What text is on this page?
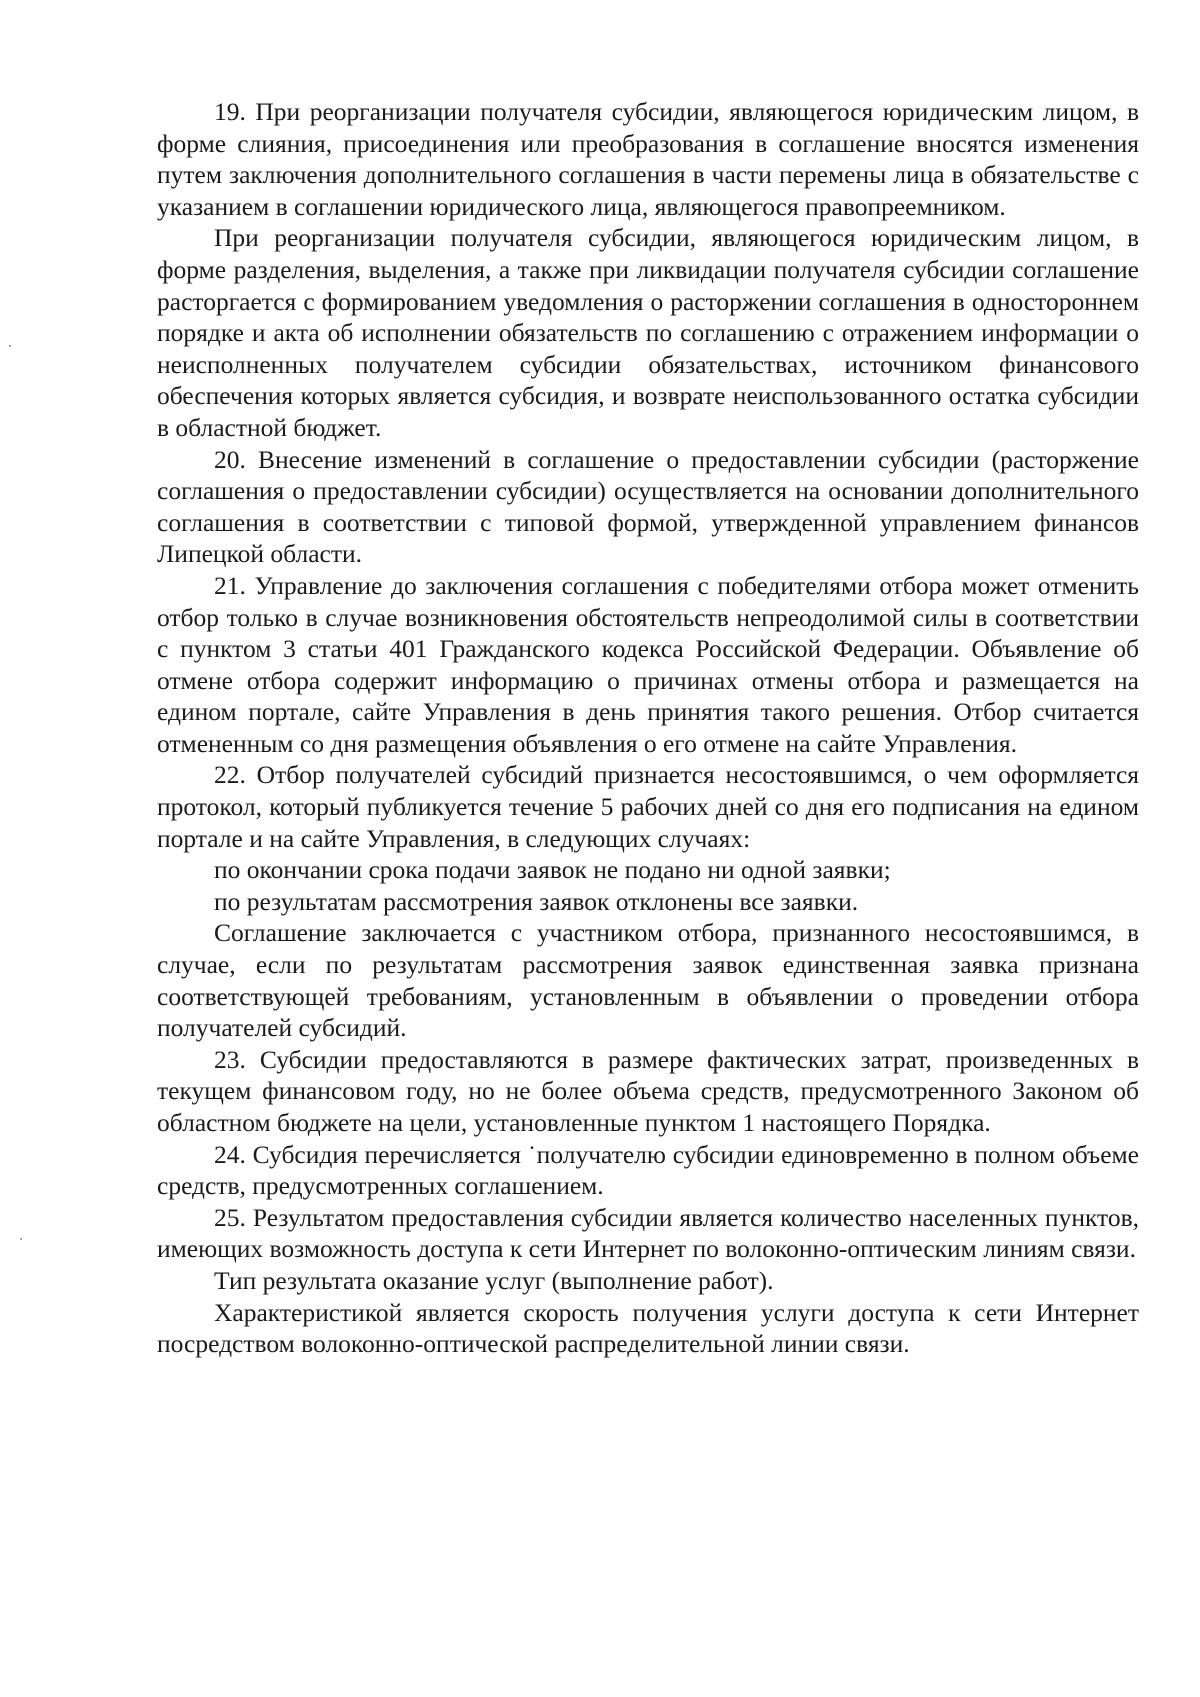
19. При реорганизации получателя субсидии, являющегося юридическим лицом, в форме слияния, присоединения или преобразования в соглашение вносятся изменения путем заключения дополнительного соглашения в части перемены лица в обязательстве с указанием в соглашении юридического лица, являющегося правопреемником.

При реорганизации получателя субсидии, являющегося юридическим лицом, в форме разделения, выделения, а также при ликвидации получателя субсидии соглашение расторгается с формированием уведомления о расторжении соглашения в одностороннем порядке и акта об исполнении обязательств по соглашению с отражением информации о неисполненных получателем субсидии обязательствах, источником финансового обеспечения которых является субсидия, и возврате неиспользованного остатка субсидии в областной бюджет.

20. Внесение изменений в соглашение о предоставлении субсидии (расторжение соглашения о предоставлении субсидии) осуществляется на основании дополнительного соглашения в соответствии с типовой формой, утвержденной управлением финансов Липецкой области.

21. Управление до заключения соглашения с победителями отбора может отменить отбор только в случае возникновения обстоятельств непреодолимой силы в соответствии с пунктом 3 статьи 401 Гражданского кодекса Российской Федерации. Объявление об отмене отбора содержит информацию о причинах отмены отбора и размещается на едином портале, сайте Управления в день принятия такого решения. Отбор считается отмененным со дня размещения объявления о его отмене на сайте Управления.

22. Отбор получателей субсидий признается несостоявшимся, о чем оформляется протокол, который публикуется течение 5 рабочих дней со дня его подписания на едином портале и на сайте Управления, в следующих случаях:

по окончании срока подачи заявок не подано ни одной заявки;

по результатам рассмотрения заявок отклонены все заявки.

Соглашение заключается с участником отбора, признанного несостоявшимся, в случае, если по результатам рассмотрения заявок единственная заявка признана соответствующей требованиям, установленным в объявлении о проведении отбора получателей субсидий.

23. Субсидии предоставляются в размере фактических затрат, произведенных в текущем финансовом году, но не более объема средств, предусмотренного Законом об областном бюджете на цели, установленные пунктом 1 настоящего Порядка.

24. Субсидия перечисляется ˙получателю субсидии единовременно в полном объеме средств, предусмотренных соглашением.

25. Результатом предоставления субсидии является количество населенных пунктов, имеющих возможность доступа к сети Интернет по волоконно-оптическим линиям связи.

Тип результата оказание услуг (выполнение работ).

Характеристикой является скорость получения услуги доступа к сети Интернет посредством волоконно-оптической распределительной линии связи.
